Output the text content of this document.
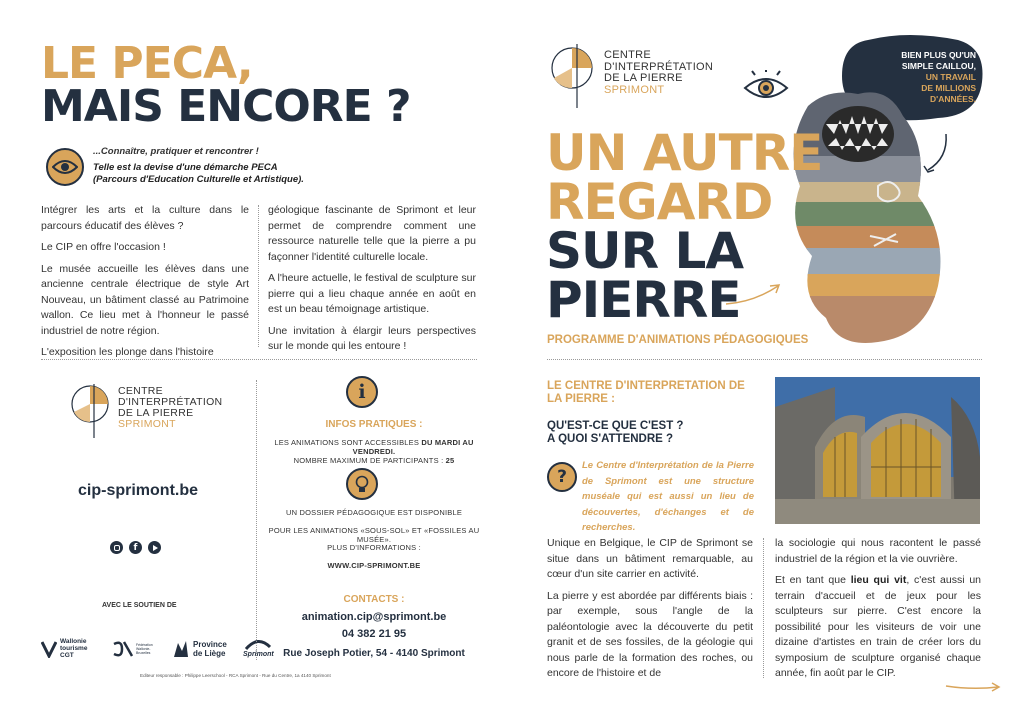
LE PECA,
MAIS ENCORE ?
...Connaître, pratiquer et rencontrer !
Telle est la devise d'une démarche PECA
(Parcours d'Education Culturelle et Artistique).

Intégrer les arts et la culture dans le parcours éducatif des élèves ?

Le CIP en offre l'occasion !

Le musée accueille les élèves dans une ancienne centrale électrique de style Art Nouveau, un bâtiment classé au Patrimoine wallon. Ce lieu met à l'honneur le passé industriel de notre région.

L'exposition les plonge dans l'histoire

géologique fascinante de Sprimont et leur permet de comprendre comment une ressource naturelle telle que la pierre a pu façonner l'identité culturelle locale.

A l'heure actuelle, le festival de sculpture sur pierre qui a lieu chaque année en août en est un beau témoignage artistique.

Une invitation à élargir leurs perspectives sur le monde qui les entoure !

CENTRE
D'INTERPRÉTATION
DE LA PIERRE
SPRIMONT
cip-sprimont.be
f
AVEC LE SOUTIEN DE
Wallonie tourisme CGT
Fédération Wallonie-Bruxelles
Province de Liège	Sprimont
i
INFOS PRATIQUES :
LES ANIMATIONS SONT ACCESSIBLES DU MARDI AU VENDREDI.
NOMBRE MAXIMUM DE PARTICIPANTS : 25
UN DOSSIER PÉDAGOGIQUE EST DISPONIBLE
POUR LES ANIMATIONS «SOUS-SOL» ET «FOSSILES AU MUSÉE».
PLUS D'INFORMATIONS :
WWW.CIP-SPRIMONT.BE
CONTACTS :
animation.cip@sprimont.be
04 382 21 95
Rue Joseph Potier, 54 - 4140 Sprimont
Editeur responsable : Philippe Leerschool - RCA Sprimont - Rue du Centre, 1a 4140 Sprimont
CENTRE
D'INTERPRÉTATION
DE LA PIERRE
SPRIMONT
BIEN PLUS QU'UN
SIMPLE CAILLOU,
UN TRAVAIL
DE MILLIONS
D'ANNÉES.
UN AUTRE
REGARD
SUR LA
PIERRE
PROGRAMME D'ANIMATIONS PÉDAGOGIQUES
LE CENTRE D'INTERPRETATION DE
LA PIERRE :
QU'EST-CE QUE C'EST ?
A QUOI S'ATTENDRE ?
?
Le Centre d'Interprétation de la Pierre de Sprimont est une structure muséale qui est aussi un lieu de découvertes, d'échanges et de recherches.

Unique en Belgique, le CIP de Sprimont se situe dans un bâtiment remarquable, au cœur d'un site carrier en activité.

La pierre y est abordée par différents biais : par exemple, sous l'angle de la paléontologie avec la découverte du petit granit et de ses fossiles, de la géologie qui nous parle de la formation des roches, ou encore de l'histoire et de

la sociologie qui nous racontent le passé industriel de la région et la vie ouvrière.

Et en tant que lieu qui vit, c'est aussi un terrain d'accueil et de jeux pour les sculpteurs sur pierre. C'est encore la possibilité pour les visiteurs de voir une dizaine d'artistes en train de créer lors du symposium de sculpture organisé chaque année, fin août par le CIP.
